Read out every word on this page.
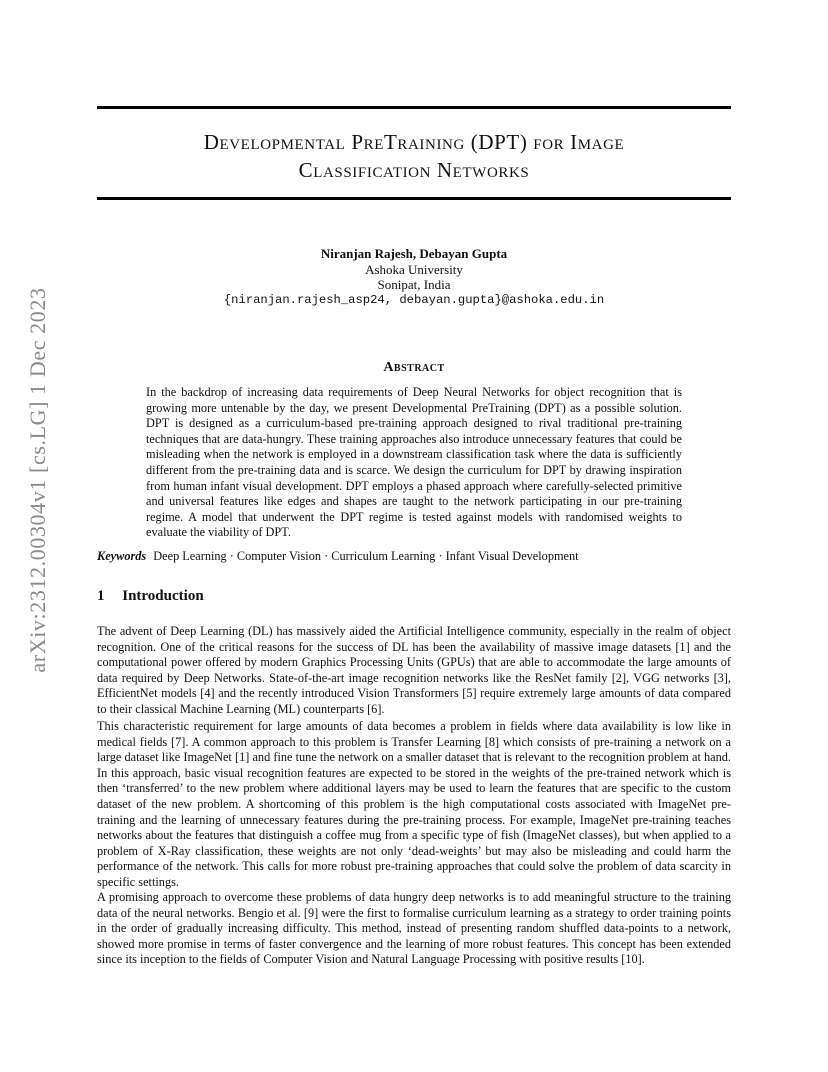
arXiv:2312.00304v1 [cs.LG] 1 Dec 2023
Developmental PreTraining (DPT) for Image
Classification Networks
Niranjan Rajesh, Debayan Gupta
Ashoka University
Sonipat, India
{niranjan.rajesh_asp24, debayan.gupta}@ashoka.edu.in
Abstract
In the backdrop of increasing data requirements of Deep Neural Networks for object recognition that is growing more untenable by the day, we present Developmental PreTraining (DPT) as a possible solution. DPT is designed as a curriculum-based pre-training approach designed to rival traditional pre-training techniques that are data-hungry. These training approaches also introduce unnecessary features that could be misleading when the network is employed in a downstream classification task where the data is sufficiently different from the pre-training data and is scarce. We design the curriculum for DPT by drawing inspiration from human infant visual development. DPT employs a phased approach where carefully-selected primitive and universal features like edges and shapes are taught to the network participating in our pre-training regime. A model that underwent the DPT regime is tested against models with randomised weights to evaluate the viability of DPT.
Keywords Deep Learning · Computer Vision · Curriculum Learning · Infant Visual Development
1 Introduction
The advent of Deep Learning (DL) has massively aided the Artificial Intelligence community, especially in the realm of object recognition. One of the critical reasons for the success of DL has been the availability of massive image datasets [1] and the computational power offered by modern Graphics Processing Units (GPUs) that are able to accommodate the large amounts of data required by Deep Networks. State-of-the-art image recognition networks like the ResNet family [2], VGG networks [3], EfficientNet models [4] and the recently introduced Vision Transformers [5] require extremely large amounts of data compared to their classical Machine Learning (ML) counterparts [6].
This characteristic requirement for large amounts of data becomes a problem in fields where data availability is low like in medical fields [7]. A common approach to this problem is Transfer Learning [8] which consists of pre-training a network on a large dataset like ImageNet [1] and fine tune the network on a smaller dataset that is relevant to the recognition problem at hand. In this approach, basic visual recognition features are expected to be stored in the weights of the pre-trained network which is then ‘transferred’ to the new problem where additional layers may be used to learn the features that are specific to the custom dataset of the new problem. A shortcoming of this problem is the high computational costs associated with ImageNet pre-training and the learning of unnecessary features during the pre-training process. For example, ImageNet pre-training teaches networks about the features that distinguish a coffee mug from a specific type of fish (ImageNet classes), but when applied to a problem of X-Ray classification, these weights are not only ‘dead-weights’ but may also be misleading and could harm the performance of the network. This calls for more robust pre-training approaches that could solve the problem of data scarcity in specific settings.
A promising approach to overcome these problems of data hungry deep networks is to add meaningful structure to the training data of the neural networks. Bengio et al. [9] were the first to formalise curriculum learning as a strategy to order training points in the order of gradually increasing difficulty. This method, instead of presenting random shuffled data-points to a network, showed more promise in terms of faster convergence and the learning of more robust features. This concept has been extended since its inception to the fields of Computer Vision and Natural Language Processing with positive results [10].
